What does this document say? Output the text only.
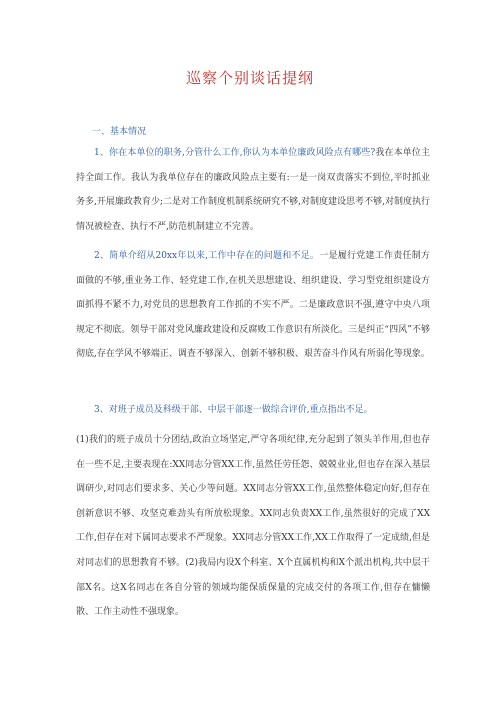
巡察个别谈话提纲
一、基本情况
  1、你在本单位的职务,分管什么工作,你认为本单位廉政风险点有哪些?我在本单位主持全面工作。我认为我单位存在的廉政风险点主要有:一是一岗双责落实不到位,平时抓业务多,开展廉政教育少;二是对工作制度机制系统研究不够,对制度建设思考不够,对制度执行情况被检查、执行不严,防范机制建立不完善。
  2、简单介绍从20xx年以来,工作中存在的问题和不足。一是履行党建工作责任制方面做的不够,重业务工作、轻党建工作,在机关思想建设、组织建设、学习型党组织建设方面抓得不紧不力,对党员的思想教育工作抓的不实不严。二是廉政意识不强,遵守中央八项规定不彻底。领导干部对党风廉政建设和反腐败工作意识有所淡化。三是纠正“四风”不够彻底,存在学风不够端正、调查不够深入、创新不够积极、艰苦奋斗作风有所弱化等现象。
  3、对班子成员及科级干部、中层干部逐一做综合评价,重点指出不足。
(1)我们的班子成员十分团结,政治立场坚定,严守各项纪律,充分起到了领头羊作用,但也存在一些不足,主要表现在:XX同志分管XX工作,虽然任劳任怨、兢兢业业,但也存在深入基层调研少,对同志们要求多、关心少等问题。XX同志分管XX工作,虽然整体稳定向好,但存在创新意识不够、攻坚克难劲头有所放松现象。XX同志负责XX工作,虽然很好的完成了XX工作,但存在对下属同志要求不严现象。XX同志分管XX工作,XX工作取得了一定成绩,但是对同志们的思想教育不够。(2)我局内设X个科室、X个直属机构和X个派出机构,共中层干部X名。这X名同志在各自分管的领域均能保质保量的完成交付的各项工作,但存在慵懒散、工作主动性不强现象。
